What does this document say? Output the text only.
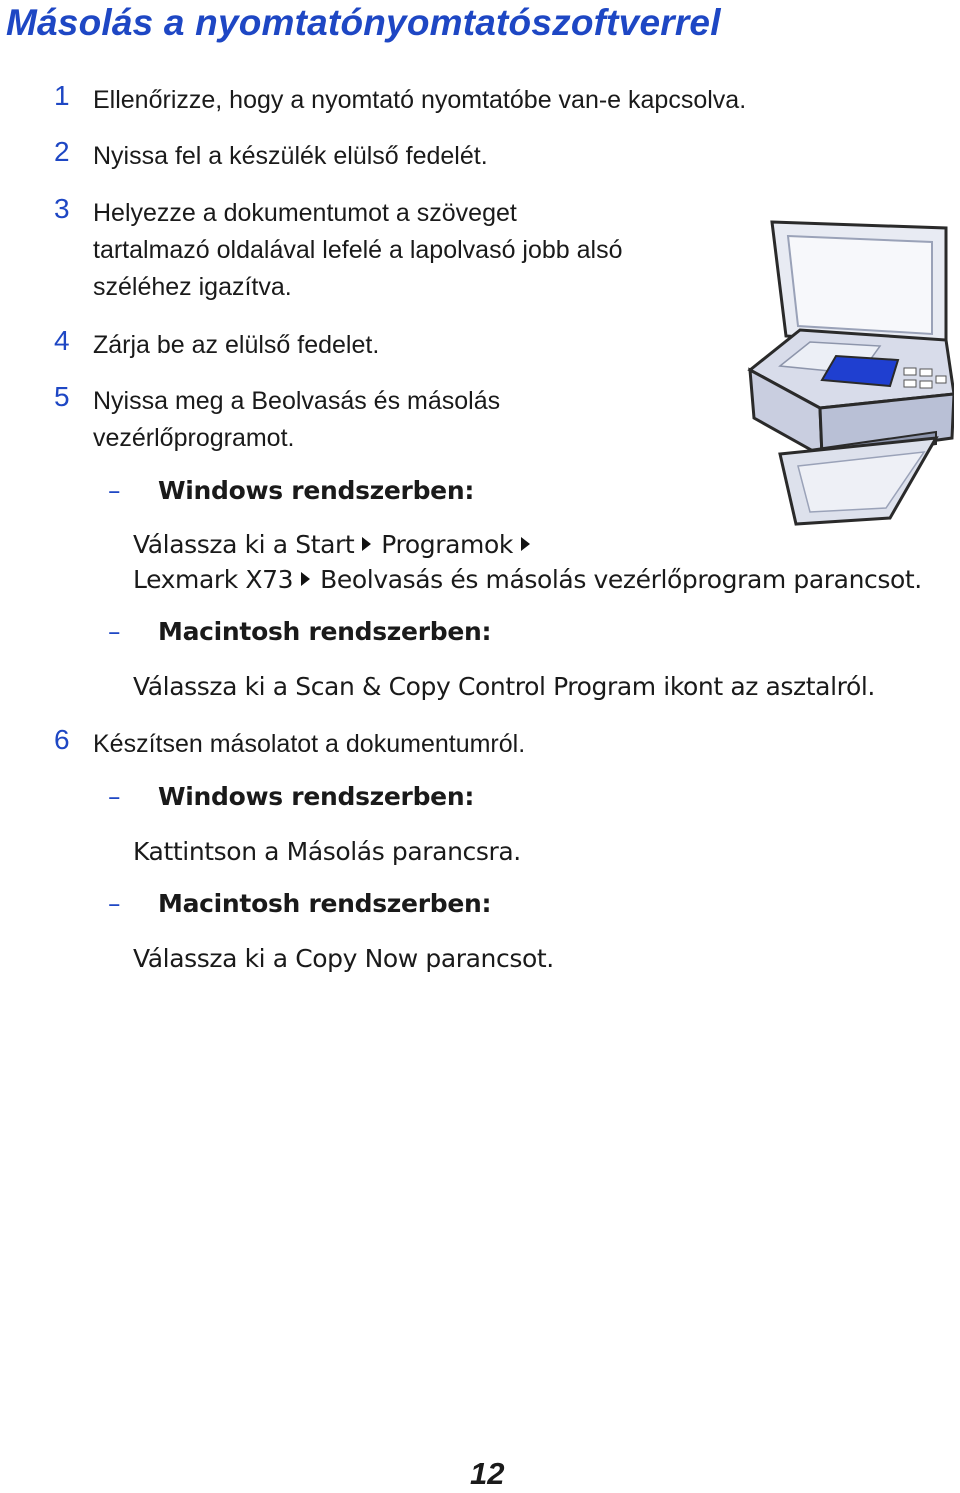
Másolás a nyomtatónyomtatószoftverrel
1 Ellenőrizze, hogy a nyomtató nyomtatóbe van-e kapcsolva.
2 Nyissa fel a készülék elülső fedelét.
3 Helyezze a dokumentumot a szöveget
tartalmazó oldalával lefelé a lapolvasó jobb alsó
széléhez igazítva.
4 Zárja be az elülső fedelet.
5 Nyissa meg a Beolvasás és másolás
vezérlőprogramot.
– Windows rendszerben:
Válassza ki a Start Programok
Lexmark X73 Beolvasás és másolás vezérlőprogram parancsot.
– Macintosh rendszerben:
Válassza ki a Scan & Copy Control Program ikont az asztalról.
6 Készítsen másolatot a dokumentumról.
– Windows rendszerben:
Kattintson a Másolás parancsra.
– Macintosh rendszerben:
Válassza ki a Copy Now parancsot.
12
